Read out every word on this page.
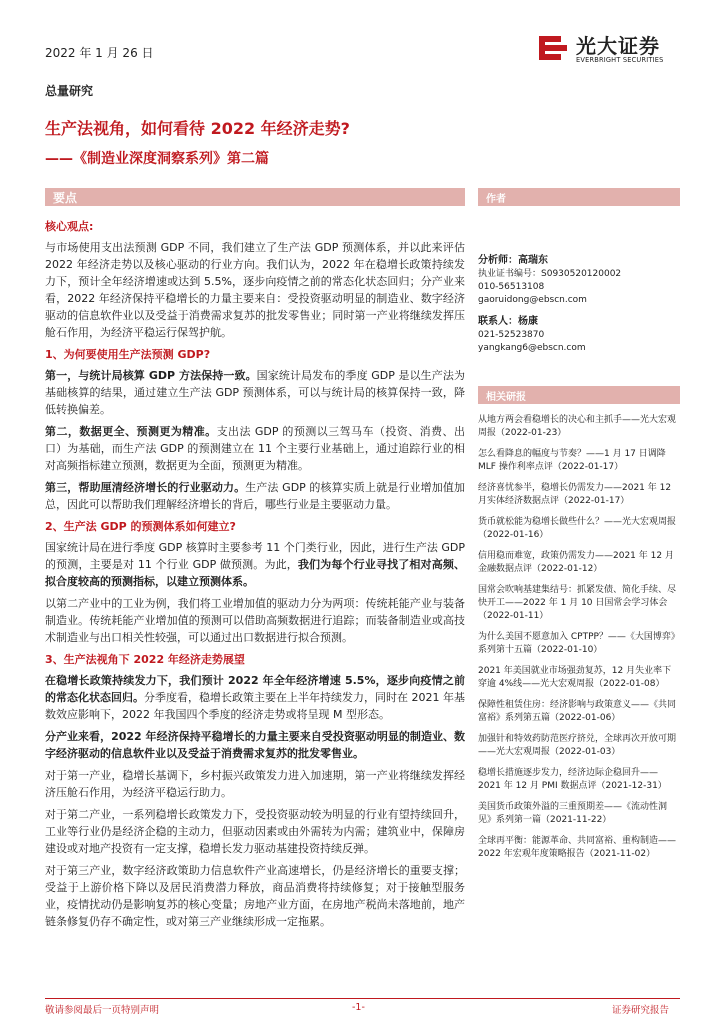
2022 年 1 月 26 日	光大证券
EVERBRIGHT SECURITIES
总量研究
生产法视角，如何看待 2022 年经济走势?
——《制造业深度洞察系列》第二篇
要点	作者
相关研报

核心观点:

与市场使用支出法预测 GDP 不同，我们建立了生产法 GDP 预测体系，并以此来评估 2022 年经济走势以及核心驱动的行业方向。我们认为，2022 年在稳增长政策持续发力下，预计全年经济增速或达到 5.5%，逐步向疫情之前的常态化状态回归；分产业来看，2022 年经济保持平稳增长的力量主要来自：受投资驱动明显的制造业、数字经济驱动的信息软件业以及受益于消费需求复苏的批发零售业；同时第一产业将继续发挥压舱石作用，为经济平稳运行保驾护航。

1、为何要使用生产法预测 GDP?

第一，与统计局核算 GDP 方法保持一致。国家统计局发布的季度 GDP 是以生产法为基础核算的结果，通过建立生产法 GDP 预测体系，可以与统计局的核算保持一致，降低转换偏差。

第二，数据更全、预测更为精准。支出法 GDP 的预测以三驾马车（投资、消费、出口）为基础，而生产法 GDP 的预测建立在 11 个主要行业基础上，通过追踪行业的相对高频指标建立预测，数据更为全面，预测更为精准。

第三，帮助厘清经济增长的行业驱动力。生产法 GDP 的核算实质上就是行业增加值加总，因此可以帮助我们理解经济增长的背后，哪些行业是主要驱动力量。

2、生产法 GDP 的预测体系如何建立?

国家统计局在进行季度 GDP 核算时主要参考 11 个门类行业，因此，进行生产法 GDP 的预测，主要是对 11 个行业 GDP 做预测。为此，我们为每个行业寻找了相对高频、拟合度较高的预测指标，以建立预测体系。

以第二产业中的工业为例，我们将工业增加值的驱动力分为两项：传统耗能产业与装备制造业。传统耗能产业增加值的预测可以借助高频数据进行追踪；而装备制造业或高技术制造业与出口相关性较强，可以通过出口数据进行拟合预测。

3、生产法视角下 2022 年经济走势展望

在稳增长政策持续发力下，我们预计 2022 年全年经济增速 5.5%，逐步向疫情之前的常态化状态回归。分季度看，稳增长政策主要在上半年持续发力，同时在 2021 年基数效应影响下，2022 年我国四个季度的经济走势或将呈现 M 型形态。

分产业来看，2022 年经济保持平稳增长的力量主要来自受投资驱动明显的制造业、数字经济驱动的信息软件业以及受益于消费需求复苏的批发零售业。

对于第一产业，稳增长基调下，乡村振兴政策发力进入加速期，第一产业将继续发挥经济压舱石作用，为经济平稳运行助力。

对于第二产业，一系列稳增长政策发力下，受投资驱动较为明显的行业有望持续回升，工业等行业仍是经济企稳的主动力，但驱动因素或由外需转为内需；建筑业中，保障房建设或对地产投资有一定支撑，稳增长发力驱动基建投资持续反弹。

对于第三产业，数字经济政策助力信息软件产业高速增长，仍是经济增长的重要支撑；受益于上游价格下降以及居民消费潜力释放，商品消费将持续修复；对于接触型服务业，疫情扰动仍是影响复苏的核心变量；房地产业方面，在房地产税尚未落地前，地产链条修复仍存不确定性，或对第三产业继续形成一定拖累。

分析师：高瑞东
执业证书编号：S0930520120002
010-56513108
gaoruidong@ebscn.com
联系人：杨康
021-52523870
yangkang6@ebscn.com
从地方两会看稳增长的决心和主抓手——光大宏观周报（2022-01-23）
怎么看降息的幅度与节奏？——1 月 17 日调降 MLF 操作利率点评（2022-01-17）
经济喜忧参半，稳增长仍需发力——2021 年 12 月实体经济数据点评（2022-01-17）
货币就松能为稳增长做些什么？——光大宏观周报（2022-01-16）
信用稳而难宽，政策仍需发力——2021 年 12 月金融数据点评（2022-01-12）
国常会吹响基建集结号：抓紧发债、简化手续、尽快开工——2022 年 1 月 10 日国常会学习体会（2022-01-11）
为什么美国不愿意加入 CPTPP？——《大国博弈》系列第十五篇（2022-01-10）
2021 年美国就业市场强劲复苏，12 月失业率下穿逾 4%线——光大宏观周报（2022-01-08）
保障性租赁住房：经济影响与政策意义——《共同富裕》系列第五篇（2022-01-06）
加强针和特效药防范医疗挤兑，全球再次开放可期——光大宏观周报（2022-01-03）
稳增长措施逐步发力，经济边际企稳回升——2021 年 12 月 PMI 数据点评（2021-12-31）
美国货币政策外溢的三重预期差——《流动性洞见》系列第一篇（2021-11-22）
全球再平衡：能源革命、共同富裕、重构制造——2022 年宏观年度策略报告（2021-11-02）
敬请参阅最后一页特别声明	-1-	证券研究报告
